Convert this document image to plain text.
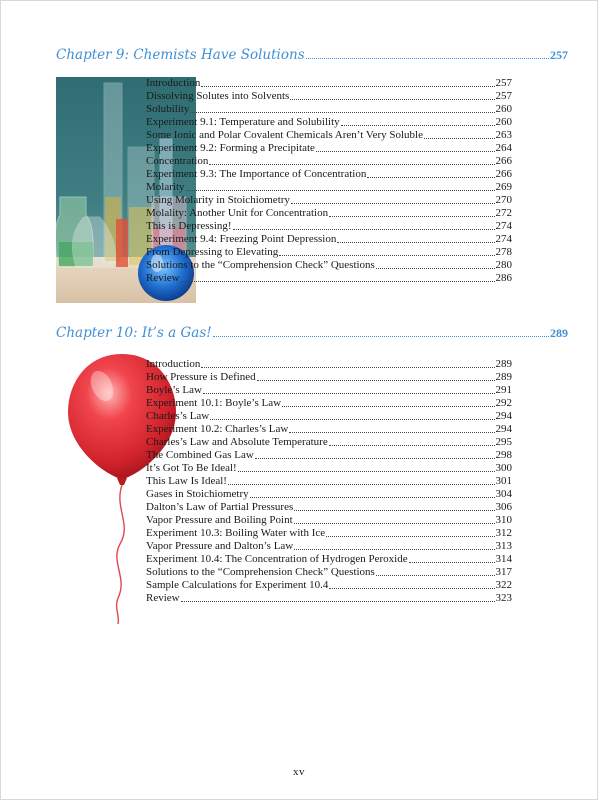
Chapter 9: Chemists Have Solutions	257
Introduction	257
Dissolving Solutes into Solvents	257
Solubility	260
Experiment 9.1: Temperature and Solubility	260
Some Ionic and Polar Covalent Chemicals Aren’t Very Soluble	263
Experiment 9.2: Forming a Precipitate	264
Concentration	266
Experiment 9.3: The Importance of Concentration	266
Molarity	269
Using Molarity in Stoichiometry	270
Molality: Another Unit for Concentration	272
This is Depressing!	274
Experiment 9.4: Freezing Point Depression	274
From Depressing to Elevating	278
Solutions to the “Comprehension Check” Questions	280
Review	286
Chapter 10: It’s a Gas!	289
Introduction	289
How Pressure is Defined	289
Boyle’s Law	291
Experiment 10.1: Boyle’s Law	292
Charles’s Law	294
Experiment 10.2: Charles’s Law	294
Charles’s Law and Absolute Temperature	295
The Combined Gas Law	298
It’s Got To Be Ideal!	300
This Law Is Ideal!	301
Gases in Stoichiometry	304
Dalton’s Law of Partial Pressures	306
Vapor Pressure and Boiling Point	310
Experiment 10.3: Boiling Water with Ice	312
Vapor Pressure and Dalton’s Law	313
Experiment 10.4: The Concentration of Hydrogen Peroxide	314
Solutions to the “Comprehension Check” Questions	317
Sample Calculations for Experiment 10.4	322
Review	323
xv
